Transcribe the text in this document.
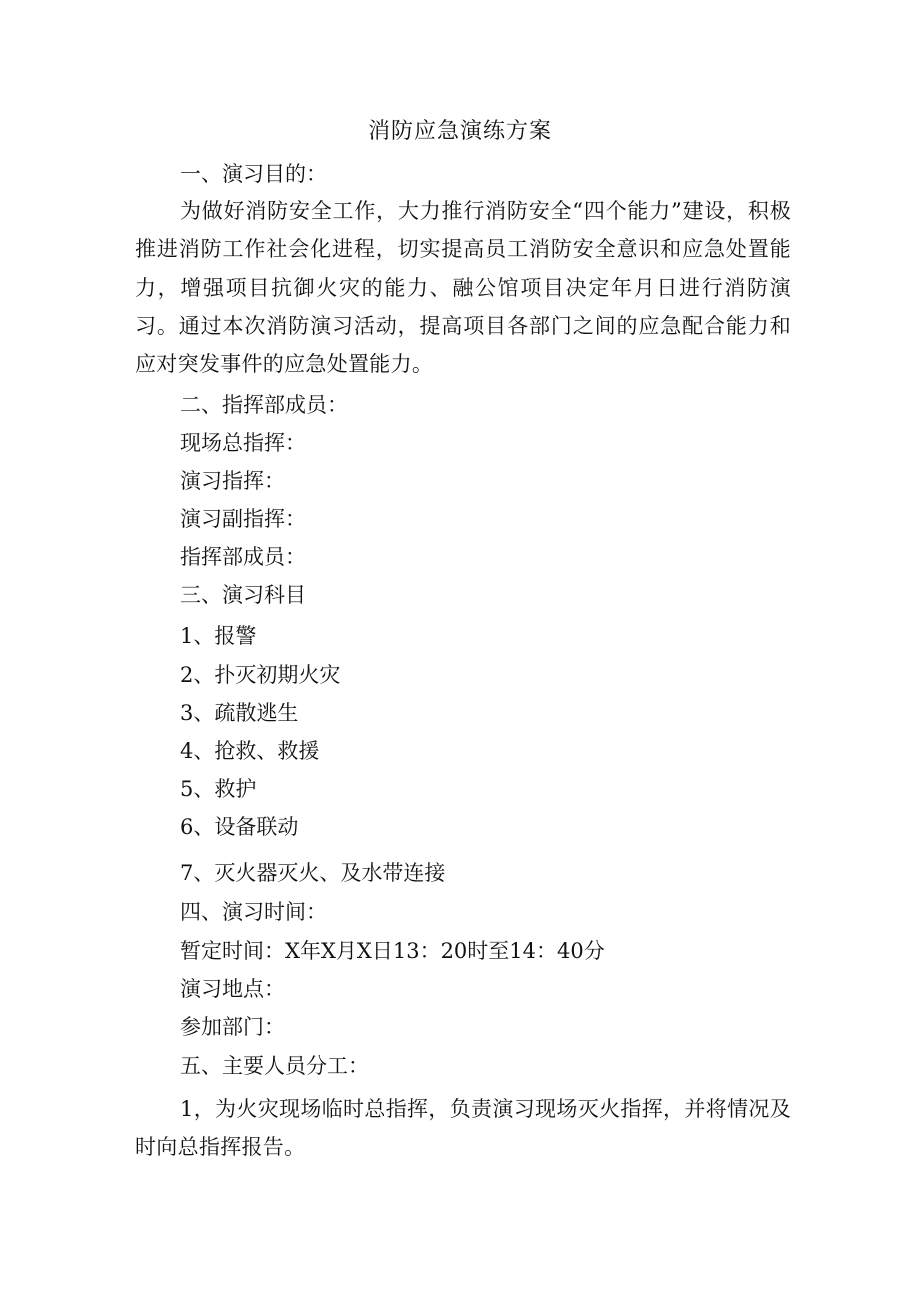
消防应急演练方案
一、演习目的：
为做好消防安全工作，大力推行消防安全“四个能力”建设，积极推进消防工作社会化进程，切实提高员工消防安全意识和应急处置能力，增强项目抗御火灾的能力、融公馆项目决定年月日进行消防演习。通过本次消防演习活动，提高项目各部门之间的应急配合能力和应对突发事件的应急处置能力。
二、指挥部成员：
现场总指挥：
演习指挥：
演习副指挥：
指挥部成员：
三、演习科目
1、报警
2、扑灭初期火灾
3、疏散逃生
4、抢救、救援
5、救护
6、设备联动
7、灭火器灭火、及水带连接
四、演习时间：
暂定时间：X年X月X日13：20时至14：40分
演习地点：
参加部门：
五、主要人员分工：
1，为火灾现场临时总指挥，负责演习现场灭火指挥，并将情况及时向总指挥报告。
